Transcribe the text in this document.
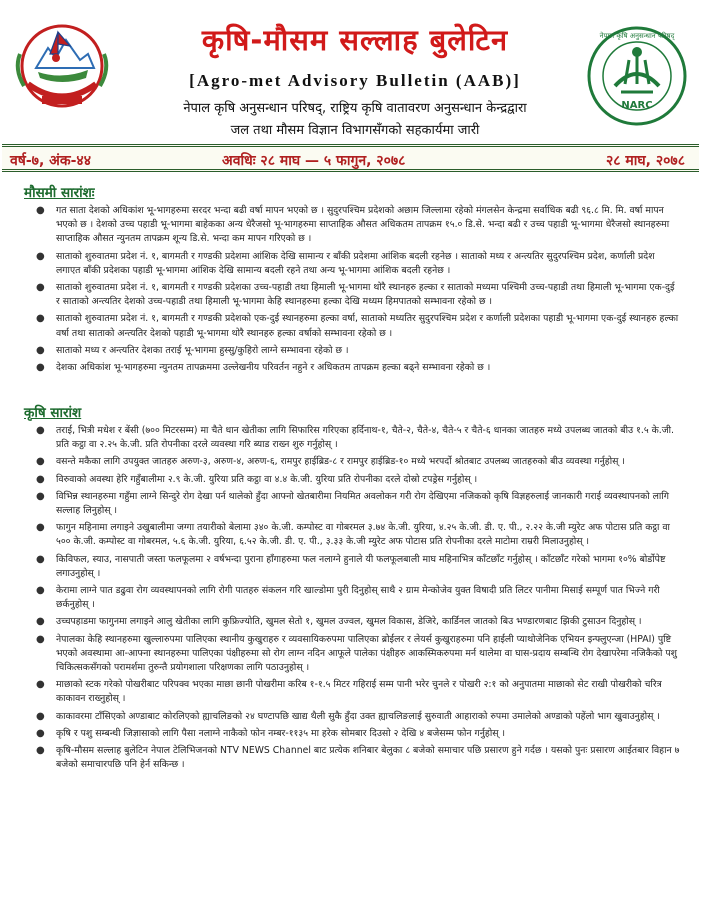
कृषि-मौसम सल्लाह बुलेटिन
[Agro-met Advisory Bulletin (AAB)]
नेपाल कृषि अनुसन्धान परिषद्, राष्ट्रिय कृषि वातावरण अनुसन्धान केन्द्रद्वारा
जल तथा मौसम विज्ञान विभागसँगको सहकार्यमा जारी
NARC
नेपाल कृषि अनुसन्धान परिषद्
वर्ष-७, अंक-४४	अवधिः २८ माघ — ५ फागुन, २०७८	२८ माघ, २०७८
मौसमी सारांशः
● गत साता देशको अधिकांश भू-भागहरुमा सरदर भन्दा बढी वर्षा मापन भएको छ । सुदुरपश्चिम प्रदेशको अछाम जिल्लामा रहेको मंगलसेन केन्द्रमा सर्वाधिक बढी ९६.८ मि. मि. वर्षा मापन भएको छ । देशको उच्च पहाडी भू-भागमा बाहेकका अन्य धेरैजसो भू-भागहरुमा साप्ताहिक औसत अधिकतम तापक्रम १५.० डि.से. भन्दा बढी र उच्च पहाडी भू-भागमा धेरैजसो स्थानहरुमा साप्ताहिक औसत न्युनतम तापक्रम शून्य डि.से. भन्दा कम मापन गरिएको छ ।
● साताको शुरुवातमा प्रदेश नं. १, बागमती र गण्डकी प्रदेशमा आंशिक देखि सामान्य र बाँकी प्रदेशमा आंशिक बदली रहनेछ । साताको मध्य र अन्त्यतिर सुदुरपश्चिम प्रदेश, कर्णाली प्रदेश लगाएत बाँकी प्रदेशका पहाडी भू-भागमा आंशिक देखि सामान्य बदली रहने तथा अन्य भू-भागमा आंशिक बदली रहनेछ ।
● साताको शुरुवातमा प्रदेश नं. १, बागमती र गण्डकी प्रदेशका उच्च-पहाडी तथा हिमाली भू-भागमा थोरै स्थानहरु हल्का र साताको मध्यमा पश्चिमी उच्च-पहाडी तथा हिमाली भू-भागमा एक-दुई र साताको अन्त्यतिर देशको उच्च-पहाडी तथा हिमाली भू-भागमा केहि स्थानहरुमा हल्का देखि मध्यम हिमपातको सम्भावना रहेको छ ।
● साताको शुरुवातमा प्रदेश नं. १, बागमती र गण्डकी प्रदेशको एक-दुई स्थानहरुमा हल्का वर्षा, साताको मध्यतिर सुदुरपश्चिम प्रदेश र कर्णाली प्रदेशका पहाडी भू-भागमा एक-दुई स्थानहरु हल्का वर्षा तथा साताको अन्त्यतिर देशको पहाडी भू-भागमा थोरै स्थानहरु हल्का वर्षाको सम्भावना रहेको छ ।
● साताको मध्य र अन्त्यतिर देशका तराई भू-भागमा हुस्सु/कुहिरो लाग्ने सम्भावना रहेको छ ।
● देशका अधिकांश भू-भागहरुमा न्युनतम तापक्रममा उल्लेखनीय परिवर्तन नहुने र अधिकतम तापक्रम हल्का बढ्ने सम्भावना रहेको छ ।
कृषि सारांश
● तराई, भित्री मधेश र बेंसी (७०० मिटरसम्म) मा चैते धान खेतीका लागि सिफारिस गरिएका हर्दिनाथ-१, चैते-२, चैते-४, चैते-५ र चैते-६ धानका जातहरु मध्ये उपलब्ध जातको बीउ १.५ के.जी. प्रति कट्ठा वा २.२५ के.जी. प्रति रोपनीका दरले व्यवस्था गरि ब्याड राख्न शुरु गर्नुहोस् ।
● वसन्ते मकैका लागि उपयुक्त जातहरु अरुण-३, अरुण-४, अरुण-६, रामपुर हाईब्रिड-८ र रामपुर हाईब्रिड-१० मध्ये भरपर्दो श्रोतबाट उपलब्ध जातहरुको बीउ व्यवस्था गर्नुहोस् ।
● विरुवाको अवस्था हेरि गहुँबालीमा २.९ के.जी. युरिया प्रति कट्ठा वा ४.४ के.जी. युरिया प्रति रोपनीका दरले दोस्रो टपड्रेस गर्नुहोस् ।
● विभिन्न स्थानहरुमा गहुँमा लाग्ने सिन्दुरे रोग देखा पर्न थालेको हुँदा आफ्नो खेतबारीमा नियमित अवलोकन गरी रोग देखिएमा नजिकको कृषि विज्ञहरुलाई जानकारी गराई व्यवस्थापनको लागि सल्लाह लिनुहोस् ।
● फागुन महिनामा लगाइने उखुबालीमा जग्गा तयारीको बेलामा ३४० के.जी. कम्पोस्ट वा गोबरमल ३.७४ के.जी. युरिया, ४.२५ के.जी. डी. ए. पी., २.२२ के.जी म्युरेट अफ पोटास प्रति कट्ठा वा ५०० के.जी. कम्पोस्ट वा गोबरमल, ५.६ के.जी. युरिया, ६.५२ के.जी. डी. ए. पी., ३.३३ के.जी म्युरेट अफ पोटास प्रति रोपनीका दरले माटोमा राम्ररी मिलाउनुहोस् ।
● किविफल, स्याउ, नासपाती जस्ता फलफूलमा २ वर्षभन्दा पुराना हाँगाहरुमा फल नलाग्ने हुनाले यी फलफूलबाली माघ महिनाभित्र काँटछाँट गर्नुहोस् । काँटछाँट गरेको भागमा १०% बोर्डोपेष्ट लगाउनुहोस् ।
● केरामा लाग्ने पात डढुवा रोग व्यवस्थापनको लागि रोगी पातहरु संकलन गरि खाल्डोमा पुरी दिनुहोस् साथै २ ग्राम मेन्कोजेव युक्त विषादी प्रति लिटर पानीमा मिसाई सम्पूर्ण पात भिज्ने गरी छर्कनुहोस् ।
● उच्चपहाडमा फागुनमा लगाइने आलु खेतीका लागि कुफ्रिज्योति, खुमल सेतो १, खुमल उज्वल, खुमल विकास, डेजिरे, कार्डिनल जातको बिउ भण्डारणबाट झिकी टुसाउन दिनुहोस् ।
● नेपालका केहि स्थानहरुमा खुल्लारुपमा पालिएका स्थानीय कुखुराहरु र व्यवसायिकरुपमा पालिएका ब्रोईलर र लेयर्स कुखुराहरुमा पनि हाईली प्याथोजेनिक एभियन इन्फ्लुएन्जा (HPAI) पुष्टि भएको अवस्थामा आ-आफ्ना स्थानहरुमा पालिएका पंक्षीहरुमा सो रोग लाग्न नदिन आफूले पालेका पंक्षीहरु आकस्मिकरुपमा मर्न थालेमा वा घास-प्रदाय सम्बन्धि रोग देखापरेमा नजिकैको पशु चिकित्सकसँगको परामर्शमा तुरुन्तै प्रयोगशाला परिक्षणका लागि पठाउनुहोस् ।
● माछाको स्टक गरेको पोखरीबाट परिपक्व भएका माछा छानी पोखरीमा करिब १-१.५ मिटर गहिराई सम्म पानी भरेर चुनले र पोखरी २:१ को अनुपातमा माछाको सेट राखी पोखरीको चरित्र काकावन राख्नुहोस् ।
● काकावरमा टाँसिएको अण्डाबाट कोरलिएको ह्याचलिङको २४ घण्टापछि खाद्य थैली सुकै हुँदा उक्त ह्याचलिङलाई सुरुवाती आहाराको रुपमा उमालेको अण्डाको पहेंलो भाग खुवाउनुहोस् ।
● कृषि र पशु सम्बन्धी जिज्ञासाको लागि पैसा नलाग्ने नाकैको फोन नम्बर-११३५ मा हरेक सोमबार दिउसो २ देखि ४ बजेसम्म फोन गर्नुहोस् ।
● कृषि-मौसम सल्लाह बुलेटिन नेपाल टेलिभिजनको NTV NEWS Channel बाट प्रत्येक शनिबार बेलुका ८ बजेको समाचार पछि प्रसारण हुने गर्दछ । यसको पुनः प्रसारण आईतबार विहान ७ बजेको समाचारपछि पनि हेर्न सकिन्छ ।
